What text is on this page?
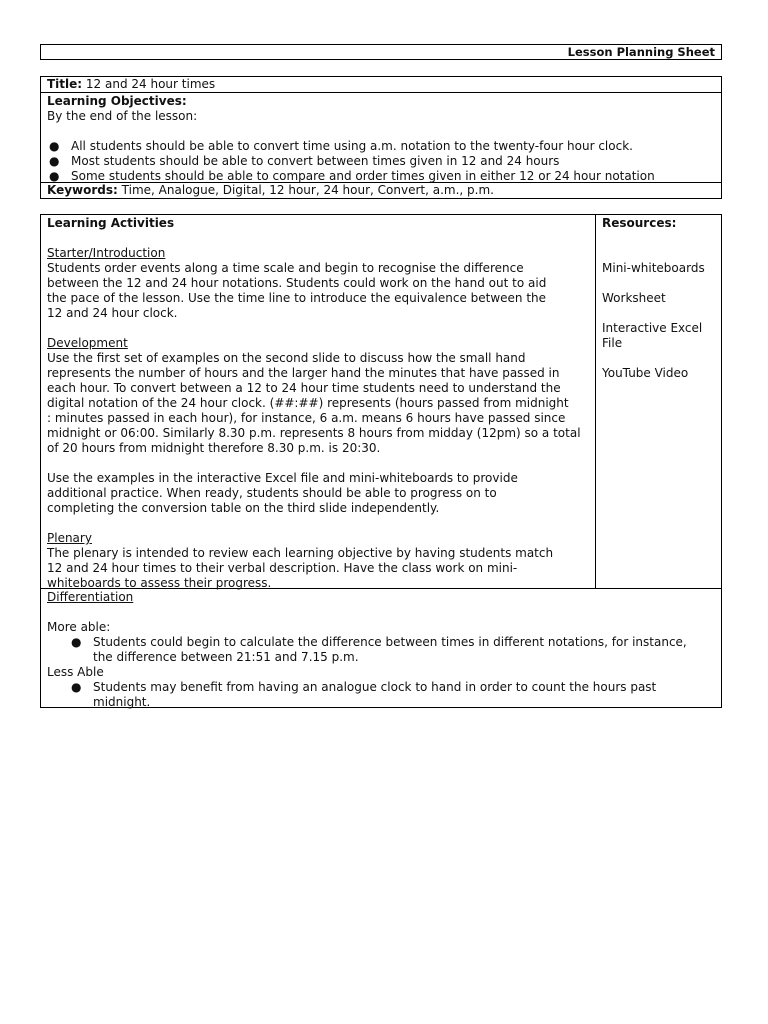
Lesson Planning Sheet
Title: 12 and 24 hour times
Learning Objectives:
By the end of the lesson:
● All students should be able to convert time using a.m. notation to the twenty-four hour clock.
● Most students should be able to convert between times given in 12 and 24 hours
● Some students should be able to compare and order times given in either 12 or 24 hour notation
Keywords: Time, Analogue, Digital, 12 hour, 24 hour, Convert, a.m., p.m.

Learning Activities

Starter/Introduction

Students order events along a time scale and begin to recognise the difference

between the 12 and 24 hour notations. Students could work on the hand out to aid

the pace of the lesson. Use the time line to introduce the equivalence between the

12 and 24 hour clock.

Development

Use the first set of examples on the second slide to discuss how the small hand

represents the number of hours and the larger hand the minutes that have passed in

each hour. To convert between a 12 to 24 hour time students need to understand the

digital notation of the 24 hour clock. (##:##) represents (hours passed from midnight

: minutes passed in each hour), for instance, 6 a.m. means 6 hours have passed since

midnight or 06:00. Similarly 8.30 p.m. represents 8 hours from midday (12pm) so a total

of 20 hours from midnight therefore 8.30 p.m. is 20:30.

Use the examples in the interactive Excel file and mini-whiteboards to provide

additional practice. When ready, students should be able to progress on to

completing the conversion table on the third slide independently.

Plenary

The plenary is intended to review each learning objective by having students match

12 and 24 hour times to their verbal description. Have the class work on mini-

whiteboards to assess their progress.

Resources:

Mini-whiteboards

Worksheet

Interactive Excel

File

YouTube Video

Differentiation

More able:

● Students could begin to calculate the difference between times in different notations, for instance,
the difference between 21:51 and 7.15 p.m.

Less Able

● Students may benefit from having an analogue clock to hand in order to count the hours past
midnight.
